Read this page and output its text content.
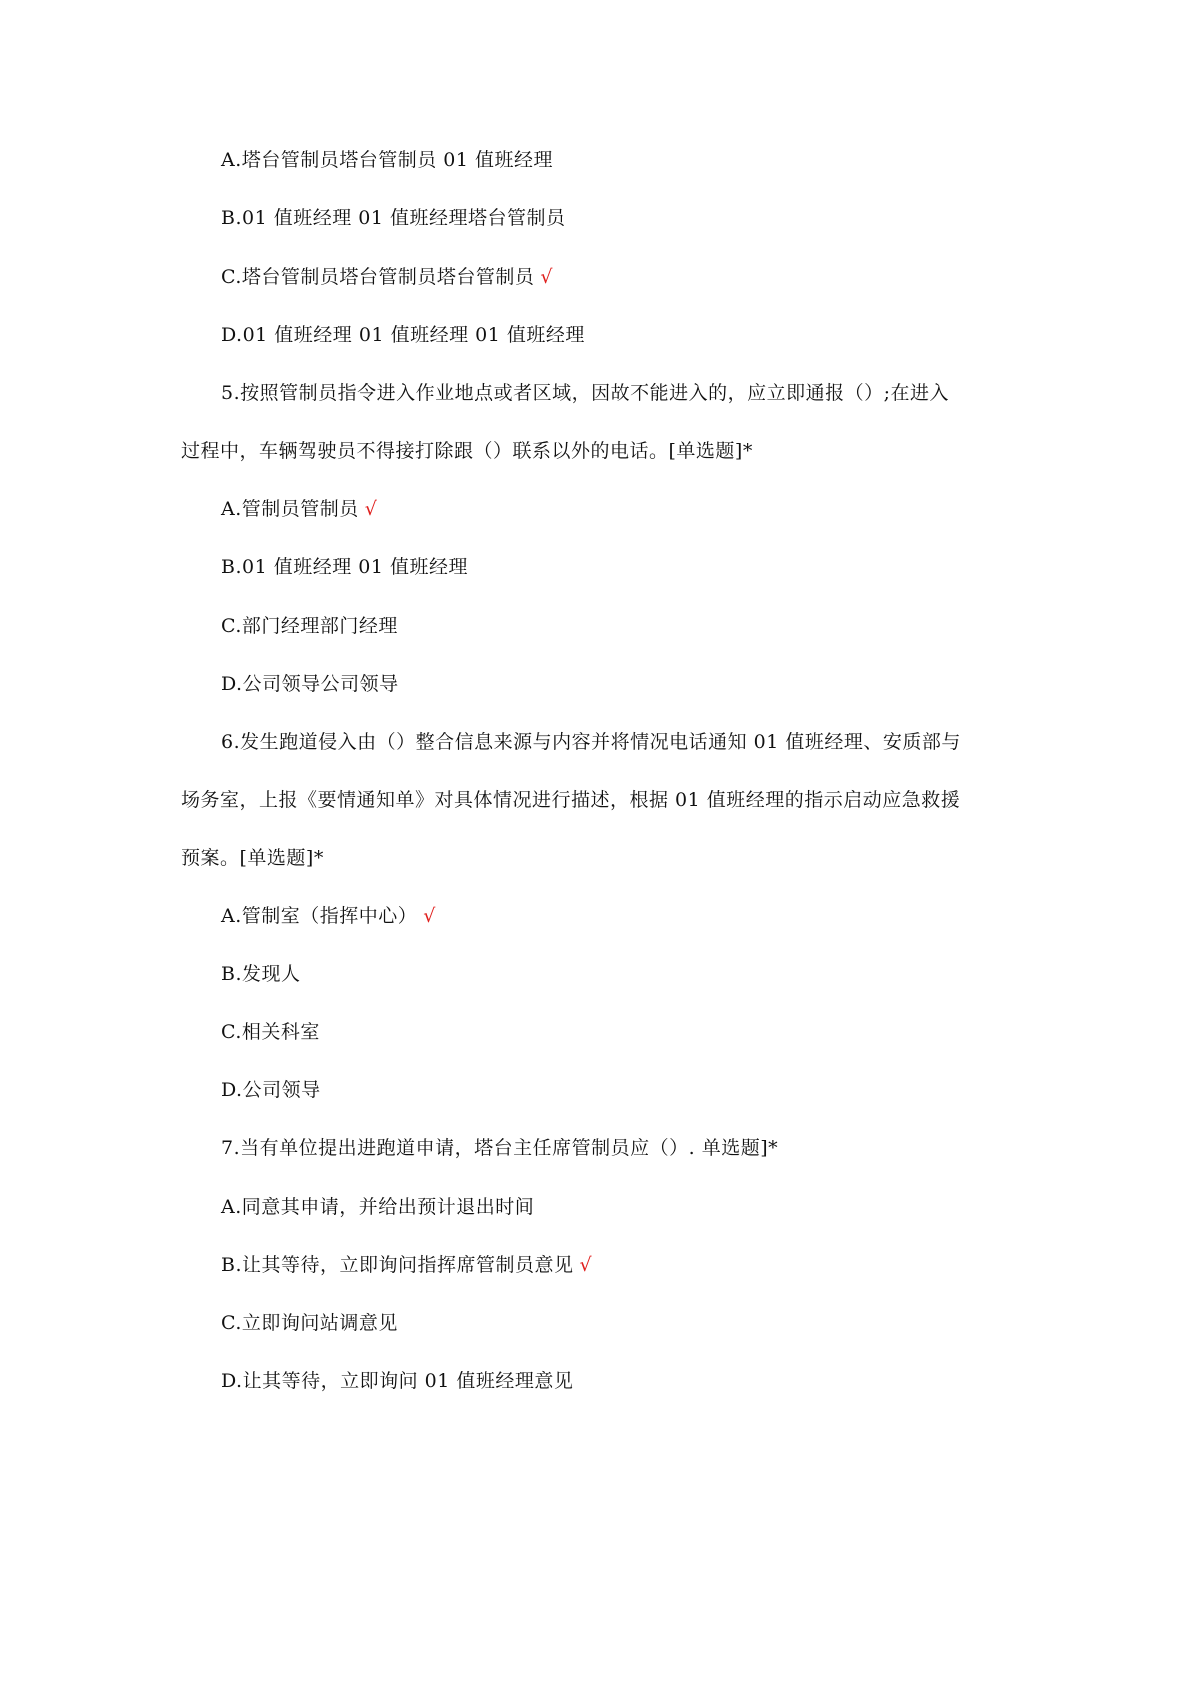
A.塔台管制员塔台管制员 01 值班经理
B.01 值班经理 01 值班经理塔台管制员
C.塔台管制员塔台管制员塔台管制员 √
D.01 值班经理 01 值班经理 01 值班经理
5.按照管制员指令进入作业地点或者区域，因故不能进入的，应立即通报（）;在进入
过程中，车辆驾驶员不得接打除跟（）联系以外的电话。[单选题]*
A.管制员管制员 √
B.01 值班经理 01 值班经理
C.部门经理部门经理
D.公司领导公司领导
6.发生跑道侵入由（）整合信息来源与内容并将情况电话通知 01 值班经理、安质部与
场务室，上报《要情通知单》对具体情况进行描述，根据 01 值班经理的指示启动应急救援
预案。[单选题]*
A.管制室（指挥中心） √
B.发现人
C.相关科室
D.公司领导
7.当有单位提出进跑道申请，塔台主任席管制员应（）. 单选题]*
A.同意其申请，并给出预计退出时间
B.让其等待，立即询问指挥席管制员意见 √
C.立即询问站调意见
D.让其等待，立即询问 01 值班经理意见
